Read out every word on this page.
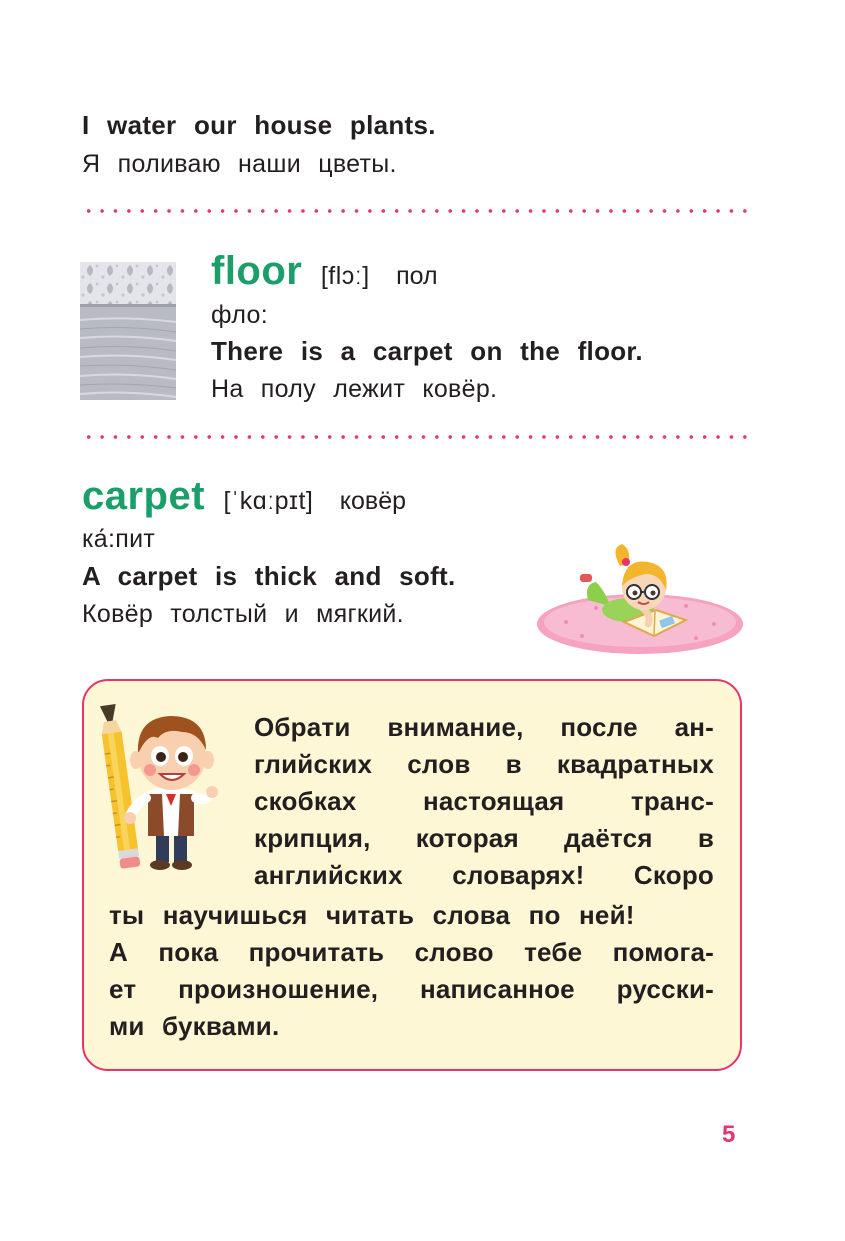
I water our house plants.
Я поливаю наши цветы.
floor [flɔː] пол
фло:
There is a carpet on the floor.
На полу лежит ковёр.
carpet [ˈkɑːpɪt] ковёр
ка́:пит
A carpet is thick and soft.
Ковёр толстый и мягкий.
Обрати внимание, после ан-
глийских слов в квадратных
скобках настоящая транс-
крипция, которая даётся в
английских словарях! Скоро
ты научишься читать слова по ней!
А пока прочитать слово тебе помога-
ет произношение, написанное русски-
ми буквами.
5
